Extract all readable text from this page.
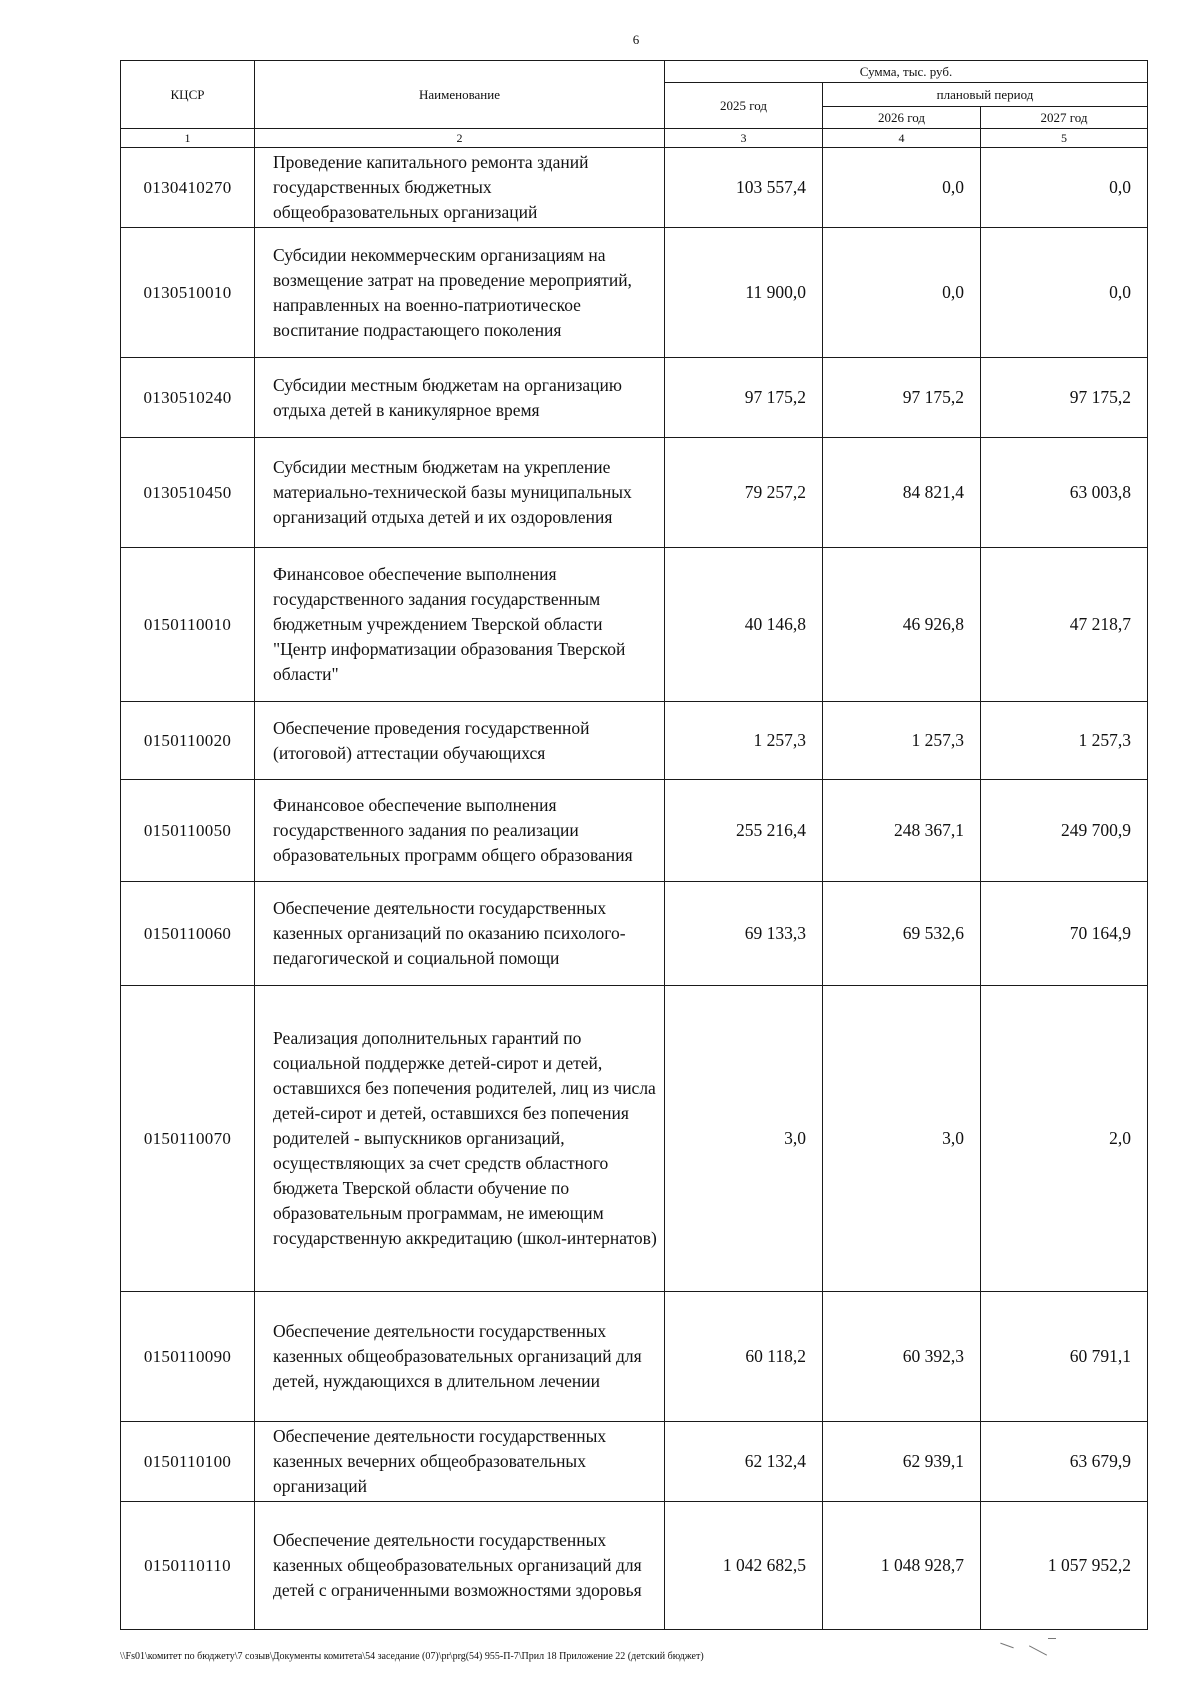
6
КЦСР	Наименование	Сумма, тыс. руб.		
		2025 год	плановый период	
			2026 год	2027 год
1	2	3	4	5
0130410270	Проведение капитального ремонта зданий государственных бюджетных общеобразовательных организаций	103 557,4	0,0	0,0
0130510010	Субсидии некоммерческим организациям на возмещение затрат на проведение мероприятий, направленных на военно-патриотическое воспитание подрастающего поколения	11 900,0	0,0	0,0
0130510240	Субсидии местным бюджетам на организацию отдыха детей в каникулярное время	97 175,2	97 175,2	97 175,2
0130510450	Субсидии местным бюджетам на укрепление материально-технической базы муниципальных организаций отдыха детей и их оздоровления	79 257,2	84 821,4	63 003,8
0150110010	Финансовое обеспечение выполнения государственного задания государственным бюджетным учреждением Тверской области "Центр информатизации образования Тверской области"	40 146,8	46 926,8	47 218,7
0150110020	Обеспечение проведения государственной (итоговой) аттестации обучающихся	1 257,3	1 257,3	1 257,3
0150110050	Финансовое обеспечение выполнения государственного задания по реализации образовательных программ общего образования	255 216,4	248 367,1	249 700,9
0150110060	Обеспечение деятельности государственных казенных организаций по оказанию психолого-педагогической и социальной помощи	69 133,3	69 532,6	70 164,9
0150110070	Реализация дополнительных гарантий по социальной поддержке детей-сирот и детей, оставшихся без попечения родителей, лиц из числа детей-сирот и детей, оставшихся без попечения родителей - выпускников организаций, осуществляющих за счет средств областного бюджета Тверской области обучение по образовательным программам, не имеющим государственную аккредитацию (школ-интернатов)	3,0	3,0	2,0
0150110090	Обеспечение деятельности государственных казенных общеобразовательных организаций для детей, нуждающихся в длительном лечении	60 118,2	60 392,3	60 791,1
0150110100	Обеспечение деятельности государственных казенных вечерних общеобразовательных организаций	62 132,4	62 939,1	63 679,9
0150110110	Обеспечение деятельности государственных казенных общеобразовательных организаций для детей с ограниченными возможностями здоровья	1 042 682,5	1 048 928,7	1 057 952,2
\\Fs01\комитет по бюджету\7 созыв\Документы комитета\54 заседание (07)\pr\prg(54) 955-П-7\Прил 18 Приложение 22 (детский бюджет)
